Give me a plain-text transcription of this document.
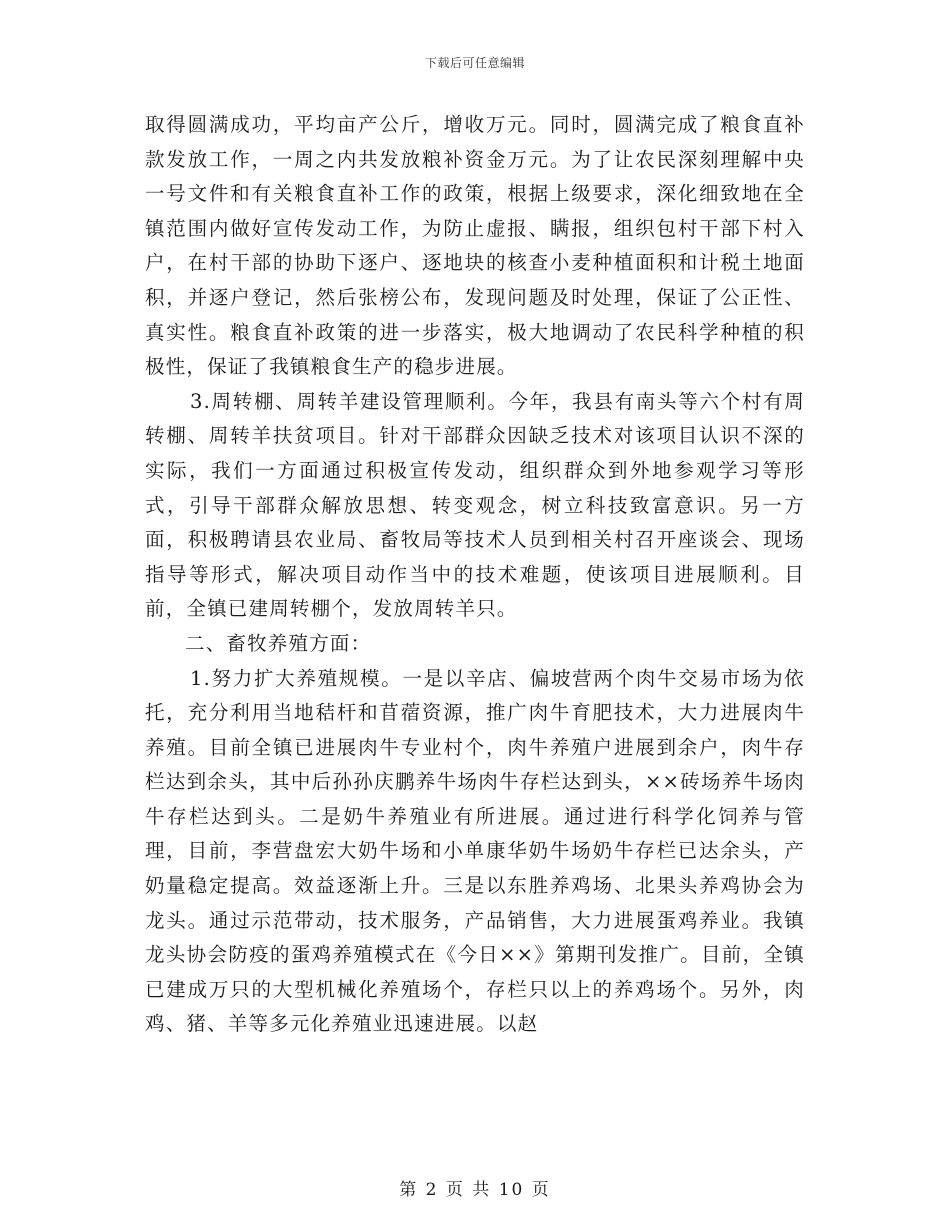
下载后可任意编辑

取得圆满成功，平均亩产公斤，增收万元。同时，圆满完成了粮食直补款发放工作，一周之内共发放粮补资金万元。为了让农民深刻理解中央一号文件和有关粮食直补工作的政策，根据上级要求，深化细致地在全镇范围内做好宣传发动工作，为防止虚报、瞒报，组织包村干部下村入户，在村干部的协助下逐户、逐地块的核查小麦种植面积和计税土地面积，并逐户登记，然后张榜公布，发现问题及时处理，保证了公正性、真实性。粮食直补政策的进一步落实，极大地调动了农民科学种植的积极性，保证了我镇粮食生产的稳步进展。

3.周转棚、周转羊建设管理顺利。今年，我县有南头等六个村有周转棚、周转羊扶贫项目。针对干部群众因缺乏技术对该项目认识不深的实际，我们一方面通过积极宣传发动，组织群众到外地参观学习等形式，引导干部群众解放思想、转变观念，树立科技致富意识。另一方面，积极聘请县农业局、畜牧局等技术人员到相关村召开座谈会、现场指导等形式，解决项目动作当中的技术难题，使该项目进展顺利。目前，全镇已建周转棚个，发放周转羊只。

二、畜牧养殖方面：

1.努力扩大养殖规模。一是以辛店、偏坡营两个肉牛交易市场为依托，充分利用当地秸杆和苜蓿资源，推广肉牛育肥技术，大力进展肉牛养殖。目前全镇已进展肉牛专业村个，肉牛养殖户进展到余户，肉牛存栏达到余头，其中后孙孙庆鹏养牛场肉牛存栏达到头，××砖场养牛场肉牛存栏达到头。二是奶牛养殖业有所进展。通过进行科学化饲养与管理，目前，李营盘宏大奶牛场和小单康华奶牛场奶牛存栏已达余头，产奶量稳定提高。效益逐渐上升。三是以东胜养鸡场、北果头养鸡协会为龙头。通过示范带动，技术服务，产品销售，大力进展蛋鸡养业。我镇龙头协会防疫的蛋鸡养殖模式在《今日××》第期刊发推广。目前，全镇已建成万只的大型机械化养殖场个，存栏只以上的养鸡场个。另外，肉鸡、猪、羊等多元化养殖业迅速进展。以赵

第 2 页 共 10 页
